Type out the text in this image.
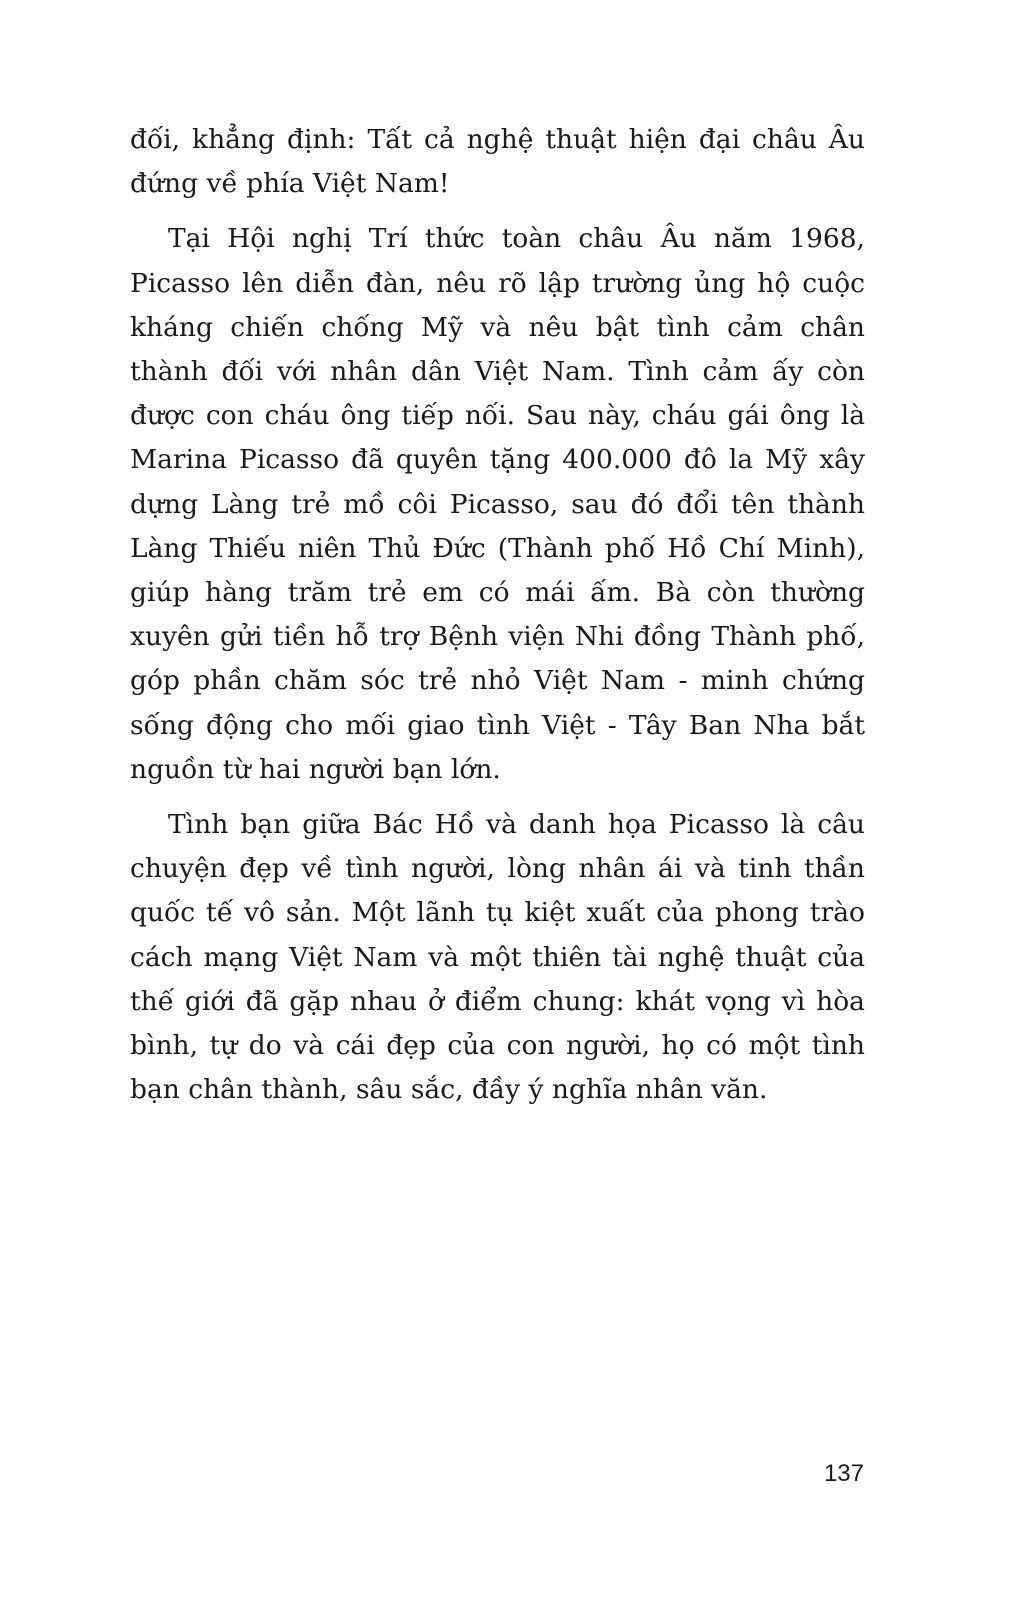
đối, khẳng định: Tất cả nghệ thuật hiện đại châu Âu đứng về phía Việt Nam!

Tại Hội nghị Trí thức toàn châu Âu năm 1968, Picasso lên diễn đàn, nêu rõ lập trường ủng hộ cuộc kháng chiến chống Mỹ và nêu bật tình cảm chân thành đối với nhân dân Việt Nam. Tình cảm ấy còn được con cháu ông tiếp nối. Sau này, cháu gái ông là Marina Picasso đã quyên tặng 400.000 đô la Mỹ xây dựng Làng trẻ mồ côi Picasso, sau đó đổi tên thành Làng Thiếu niên Thủ Đức (Thành phố Hồ Chí Minh), giúp hàng trăm trẻ em có mái ấm. Bà còn thường xuyên gửi tiền hỗ trợ Bệnh viện Nhi đồng Thành phố, góp phần chăm sóc trẻ nhỏ Việt Nam - minh chứng sống động cho mối giao tình Việt - Tây Ban Nha bắt nguồn từ hai người bạn lớn.

Tình bạn giữa Bác Hồ và danh họa Picasso là câu chuyện đẹp về tình người, lòng nhân ái và tinh thần quốc tế vô sản. Một lãnh tụ kiệt xuất của phong trào cách mạng Việt Nam và một thiên tài nghệ thuật của thế giới đã gặp nhau ở điểm chung: khát vọng vì hòa bình, tự do và cái đẹp của con người, họ có một tình bạn chân thành, sâu sắc, đầy ý nghĩa nhân văn.

137
